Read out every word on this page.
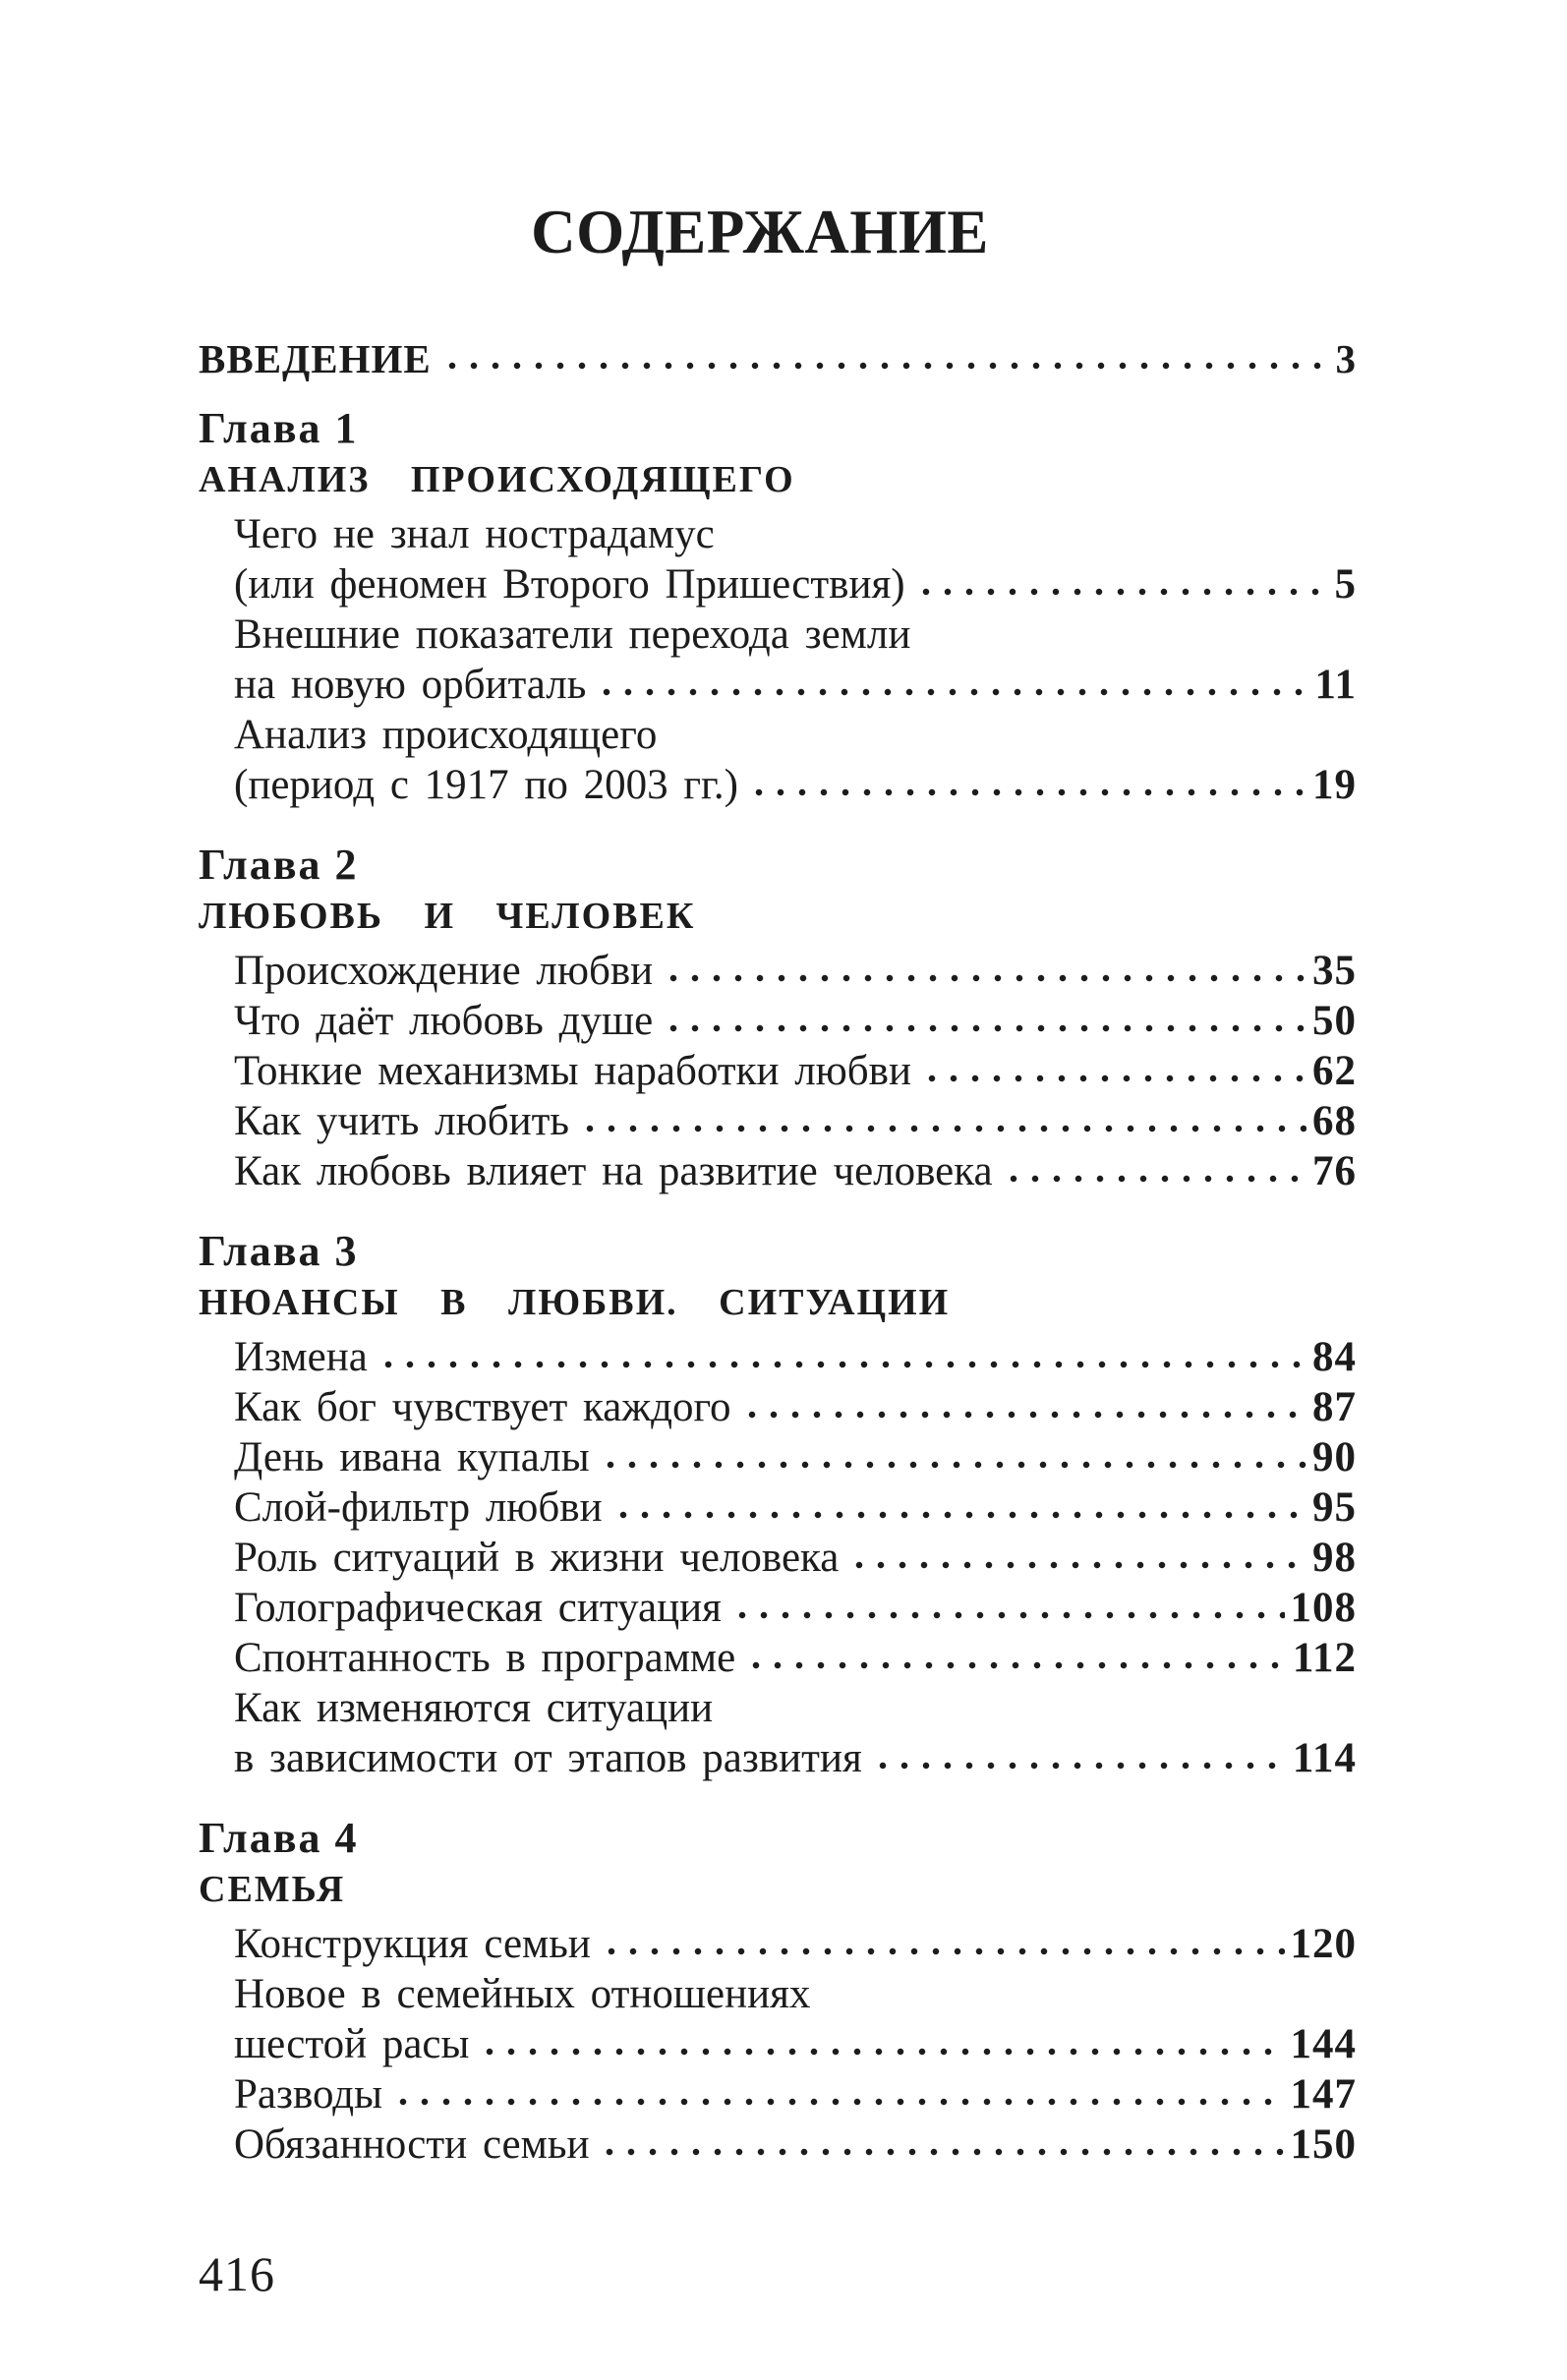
СОДЕРЖАНИЕ
ВВЕДЕНИЕ	3
Глава 1
АНАЛИЗ ПРОИСХОДЯЩЕГО
Чего не знал нострадамус
(или феномен Второго Пришествия)	5
Внешние показатели перехода земли
на новую орбиталь	11
Анализ происходящего
(период с 1917 по 2003 гг.)	19
Глава 2
ЛЮБОВЬ И ЧЕЛОВЕК
Происхождение любви	35
Что даёт любовь душе	50
Тонкие механизмы наработки любви	62
Как учить любить	68
Как любовь влияет на развитие человека	76
Глава 3
НЮАНСЫ В ЛЮБВИ. СИТУАЦИИ
Измена	84
Как бог чувствует каждого	87
День ивана купалы	90
Слой-фильтр любви	95
Роль ситуаций в жизни человека	98
Голографическая ситуация	108
Спонтанность в программе	112
Как изменяются ситуации
в зависимости от этапов развития	114
Глава 4
СЕМЬЯ
Конструкция семьи	120
Новое в семейных отношениях
шестой расы	144
Разводы	147
Обязанности семьи	150
416
